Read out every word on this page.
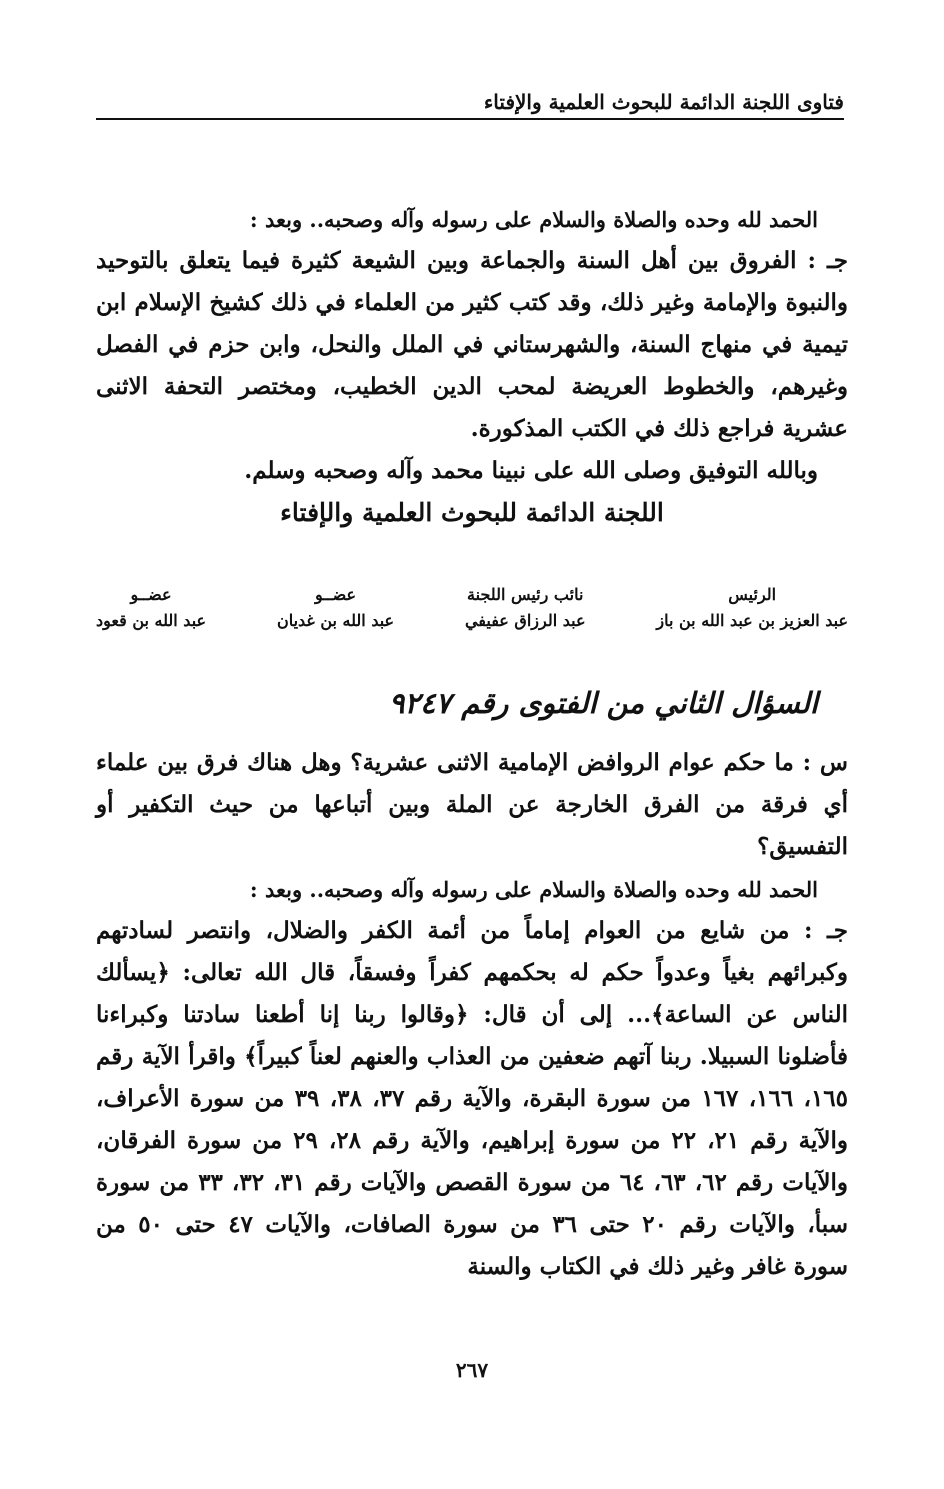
فتاوى اللجنة الدائمة للبحوث العلمية والإفتاء

الحمد لله وحده والصلاة والسلام على رسوله وآله وصحبه.. وبعد :

جـ : الفروق بين أهل السنة والجماعة وبين الشيعة كثيرة فيما يتعلق بالتوحيد والنبوة والإمامة وغير ذلك، وقد كتب كثير من العلماء في ذلك كشيخ الإسلام ابن تيمية في منهاج السنة، والشهرستاني في الملل والنحل، وابن حزم في الفصل وغيرهم، والخطوط العريضة لمحب الدين الخطيب، ومختصر التحفة الاثنى عشرية فراجع ذلك في الكتب المذكورة.

وبالله التوفيق وصلى الله على نبينا محمد وآله وصحبه وسلم.

اللجنة الدائمة للبحوث العلمية والإفتاء
الرئيس
عبد العزيز بن عبد الله بن باز
نائب رئيس اللجنة
عبد الرزاق عفيفي
عضــو
عبد الله بن غديان
عضــو
عبد الله بن قعود
السؤال الثاني من الفتوى رقم ٩٢٤٧

س : ما حكم عوام الروافض الإمامية الاثنى عشرية؟ وهل هناك فرق بين علماء أي فرقة من الفرق الخارجة عن الملة وبين أتباعها من حيث التكفير أو التفسيق؟

الحمد لله وحده والصلاة والسلام على رسوله وآله وصحبه.. وبعد :

جـ : من شايع من العوام إماماً من أئمة الكفر والضلال، وانتصر لسادتهم وكبرائهم بغياً وعدواً حكم له بحكمهم كفراً وفسقاً، قال الله تعالى: ﴿يسألك الناس عن الساعة﴾... إلى أن قال: ﴿وقالوا ربنا إنا أطعنا سادتنا وكبراءنا فأضلونا السبيلا. ربنا آتهم ضعفين من العذاب والعنهم لعناً كبيراً﴾ واقرأ الآية رقم ١٦٥، ١٦٦، ١٦٧ من سورة البقرة، والآية رقم ٣٧، ٣٨، ٣٩ من سورة الأعراف، والآية رقم ٢١، ٢٢ من سورة إبراهيم، والآية رقم ٢٨، ٢٩ من سورة الفرقان، والآيات رقم ٦٢، ٦٣، ٦٤ من سورة القصص والآيات رقم ٣١، ٣٢، ٣٣ من سورة سبأ، والآيات رقم ٢٠ حتى ٣٦ من سورة الصافات، والآيات ٤٧ حتى ٥٠ من سورة غافر وغير ذلك في الكتاب والسنة

٢٦٧
